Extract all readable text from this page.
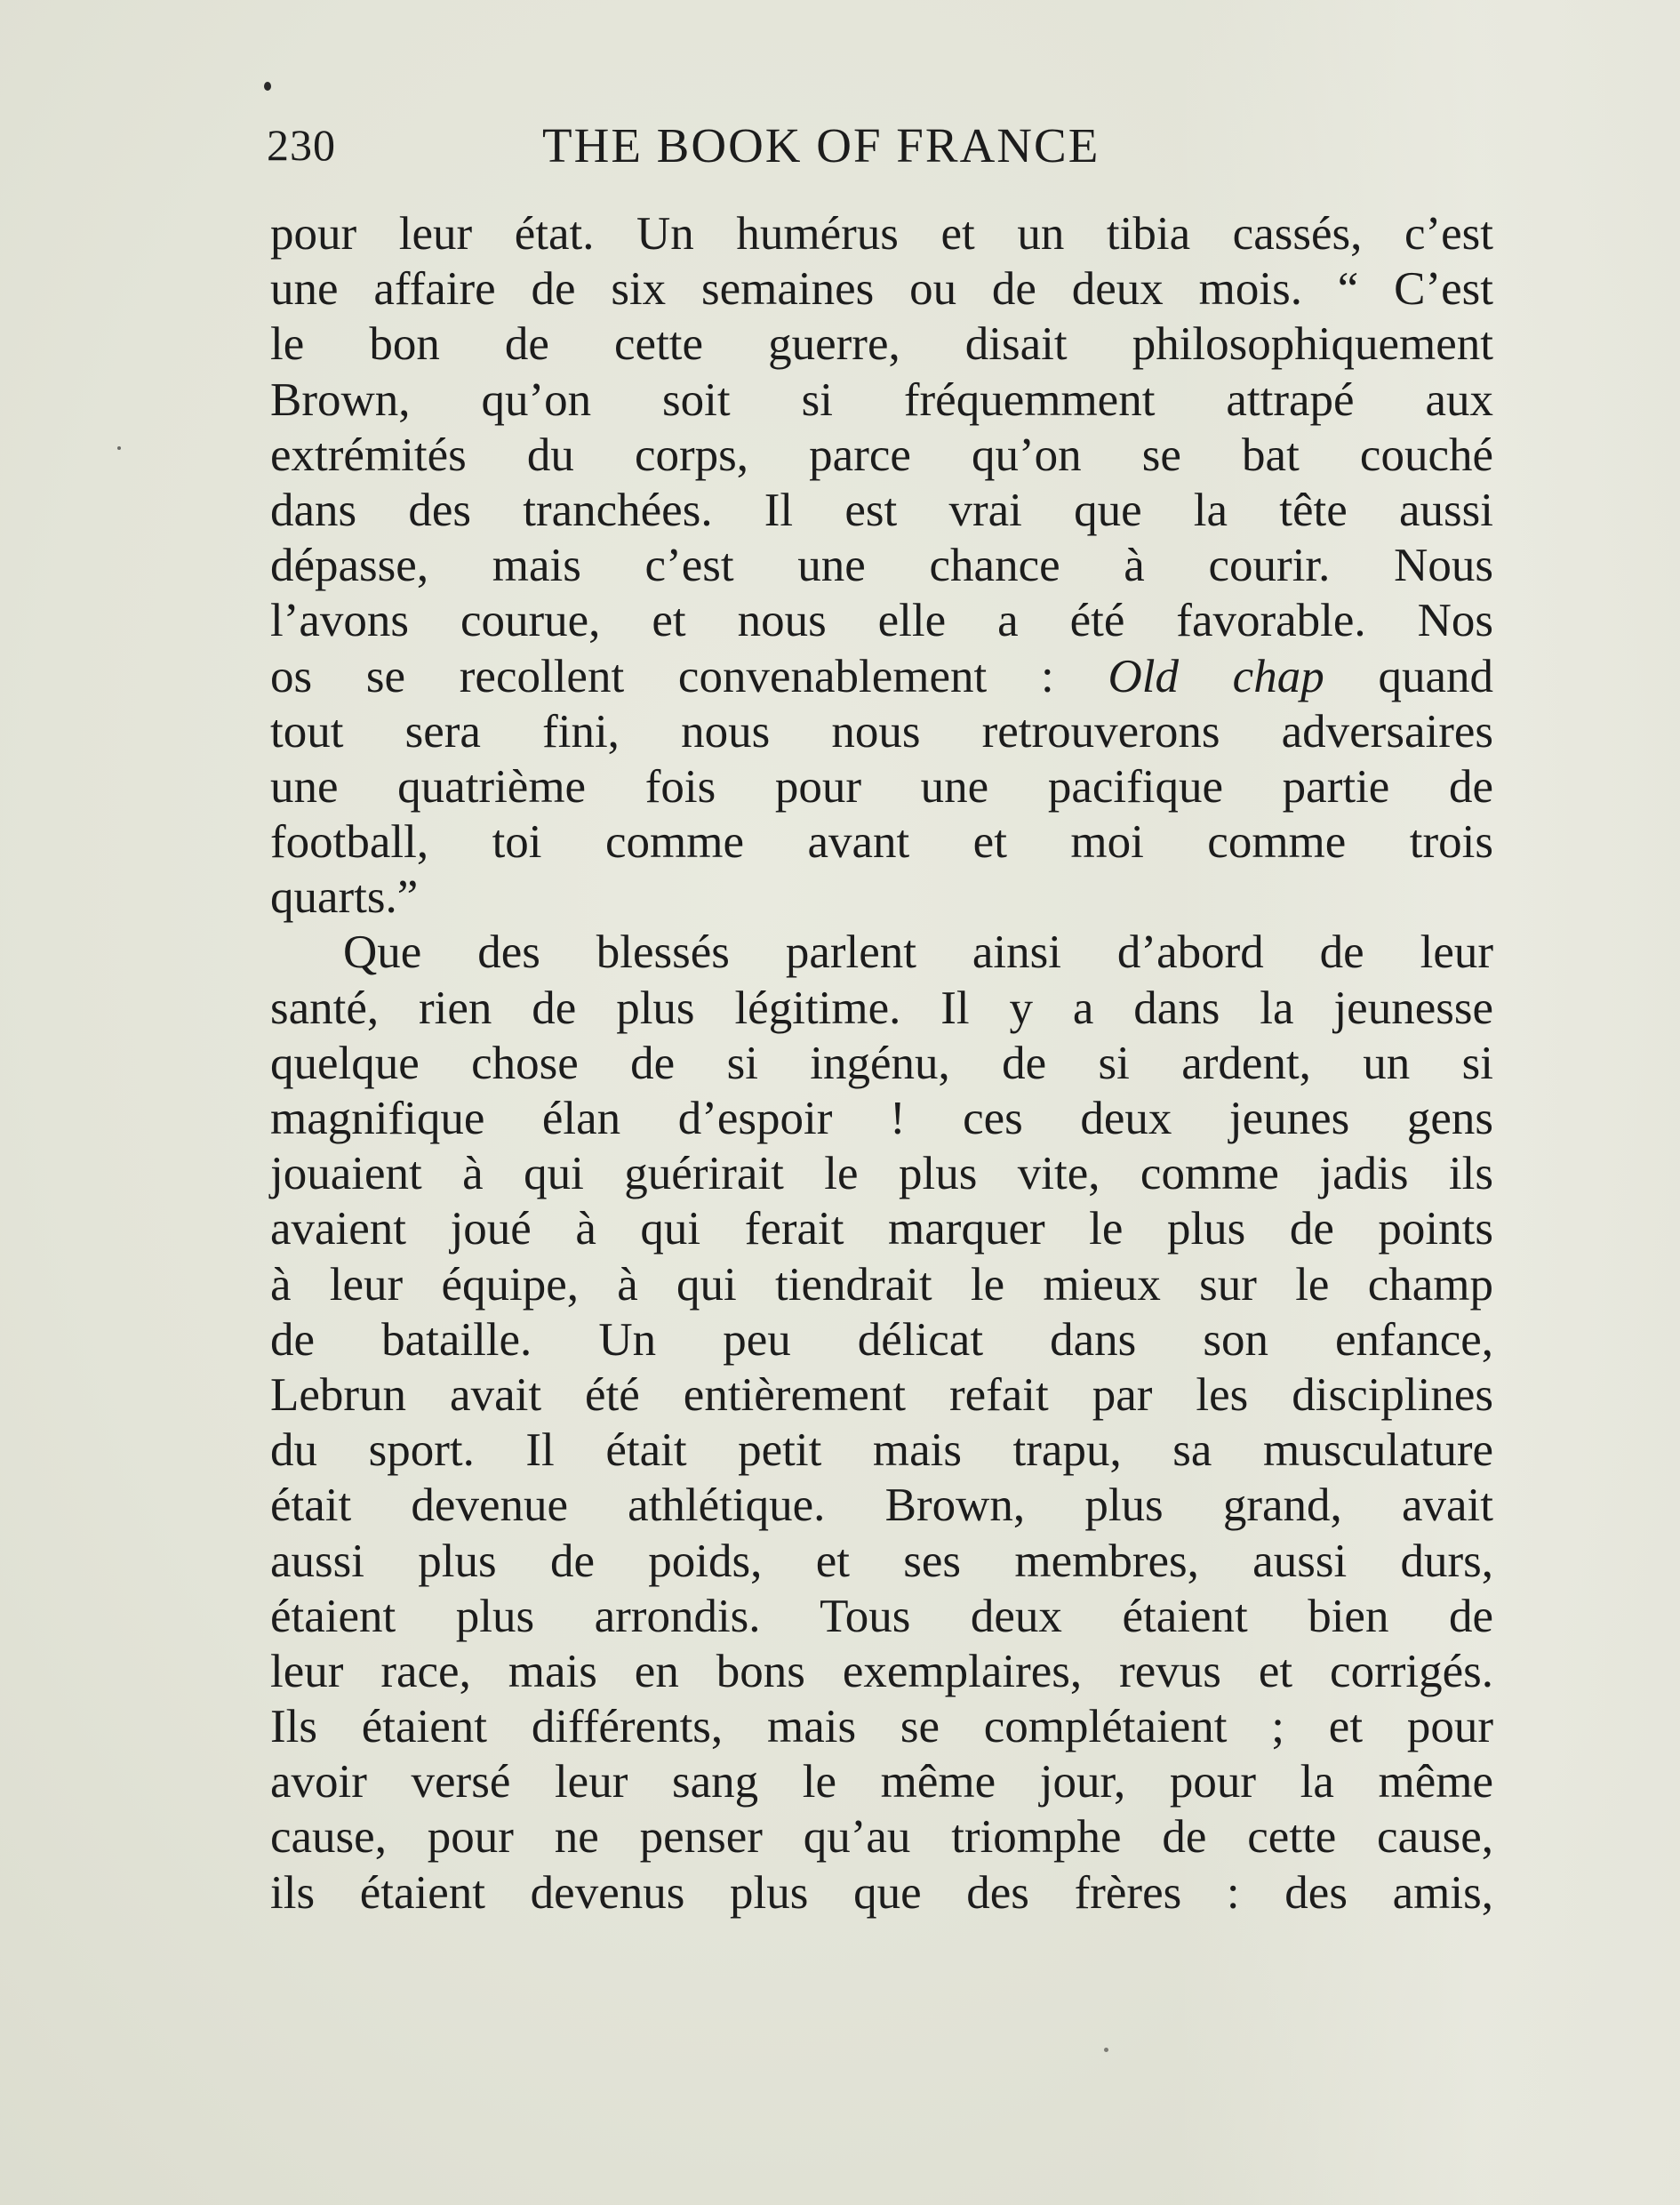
230	THE BOOK OF FRANCE
pour leur état. Un humérus et un tibia cassés, c’est
une affaire de six semaines ou de deux mois. “ C’est
le bon de cette guerre, disait philosophiquement
Brown, qu’on soit si fréquemment attrapé aux
extrémités du corps, parce qu’on se bat couché
dans des tranchées. Il est vrai que la tête aussi
dépasse, mais c’est une chance à courir. Nous
l’avons courue, et nous elle a été favorable. Nos
os se recollent convenablement : Old chap quand
tout sera fini, nous nous retrouverons adversaires
une quatrième fois pour une pacifique partie de
football, toi comme avant et moi comme trois
quarts.”
Que des blessés parlent ainsi d’abord de leur
santé, rien de plus légitime. Il y a dans la jeunesse
quelque chose de si ingénu, de si ardent, un si
magnifique élan d’espoir ! ces deux jeunes gens
jouaient à qui guérirait le plus vite, comme jadis ils
avaient joué à qui ferait marquer le plus de points
à leur équipe, à qui tiendrait le mieux sur le champ
de bataille. Un peu délicat dans son enfance,
Lebrun avait été entièrement refait par les disciplines
du sport. Il était petit mais trapu, sa musculature
était devenue athlétique. Brown, plus grand, avait
aussi plus de poids, et ses membres, aussi durs,
étaient plus arrondis. Tous deux étaient bien de
leur race, mais en bons exemplaires, revus et corrigés.
Ils étaient différents, mais se complétaient ; et pour
avoir versé leur sang le même jour, pour la même
cause, pour ne penser qu’au triomphe de cette cause,
ils étaient devenus plus que des frères : des amis,
